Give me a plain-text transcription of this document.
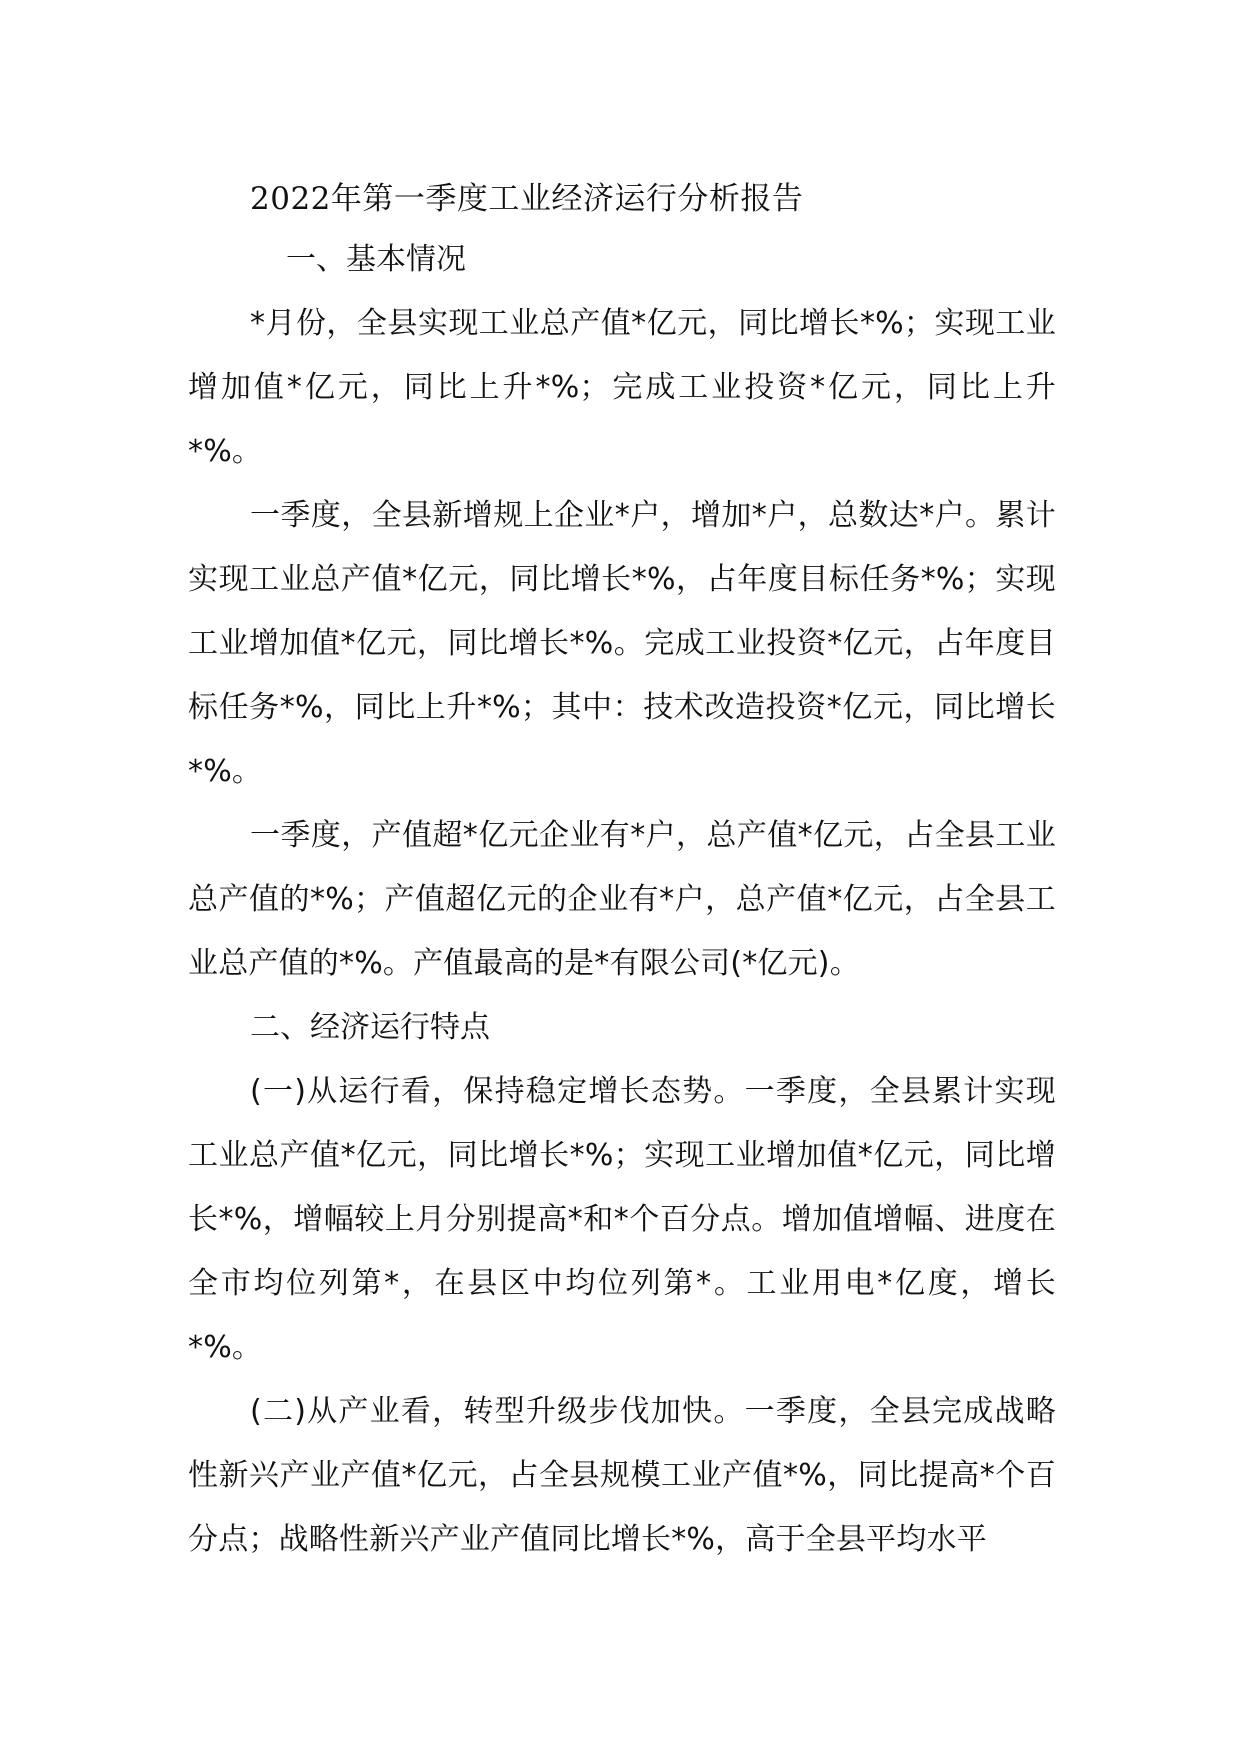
2022年第一季度工业经济运行分析报告
一、基本情况

*月份，全县实现工业总产值*亿元，同比增长*%；实现工业增加值*亿元，同比上升*%；完成工业投资*亿元，同比上升*%。

一季度，全县新增规上企业*户，增加*户，总数达*户。累计实现工业总产值*亿元，同比增长*%，占年度目标任务*%；实现工业增加值*亿元，同比增长*%。完成工业投资*亿元，占年度目标任务*%，同比上升*%；其中：技术改造投资*亿元，同比增长*%。

一季度，产值超*亿元企业有*户，总产值*亿元，占全县工业总产值的*%；产值超亿元的企业有*户，总产值*亿元，占全县工业总产值的*%。产值最高的是*有限公司(*亿元)。

二、经济运行特点

(一)从运行看，保持稳定增长态势。一季度，全县累计实现工业总产值*亿元，同比增长*%；实现工业增加值*亿元，同比增长*%，增幅较上月分别提高*和*个百分点。增加值增幅、进度在全市均位列第*，在县区中均位列第*。工业用电*亿度，增长*%。

(二)从产业看，转型升级步伐加快。一季度，全县完成战略性新兴产业产值*亿元，占全县规模工业产值*%，同比提高*个百分点；战略性新兴产业产值同比增长*%，高于全县平均水平
